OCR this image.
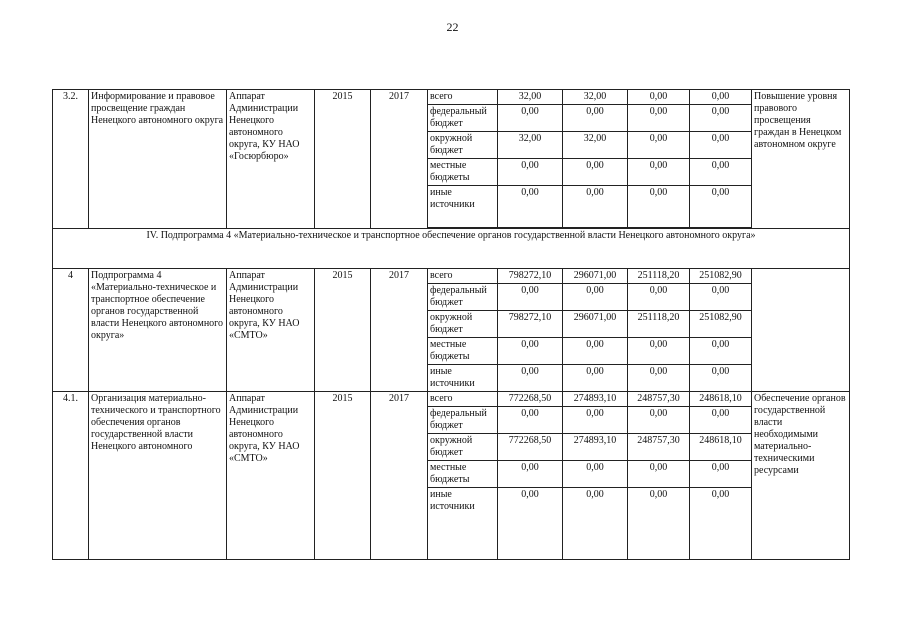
22
3.2.	Информирование и правовое просвещение граждан Ненецкого автономного округа	Аппарат Администрации Ненецкого автономного округа, КУ НАО «Госюрбюро»	2015	2017	всего	32,00	32,00	0,00	0,00	Повышение уровня правового просвещения граждан в Ненецком автономном округе
					федеральный бюджет	0,00	0,00	0,00	0,00	
					окружной бюджет	32,00	32,00	0,00	0,00	
					местные бюджеты	0,00	0,00	0,00	0,00	
					иные источники	0,00	0,00	0,00	0,00	

IV. Подпрограмма 4 «Материально-техническое и транспортное обеспечение органов государственной власти Ненецкого автономного округа»										
4	Подпрограмма 4 «Материально-техническое и транспортное обеспечение органов государственной власти Ненецкого автономного округа»	Аппарат Администрации Ненецкого автономного округа, КУ НАО «СМТО»	2015	2017	всего	798272,10	296071,00	251118,20	251082,90	
					федеральный бюджет	0,00	0,00	0,00	0,00	
					окружной бюджет	798272,10	296071,00	251118,20	251082,90	
					местные бюджеты	0,00	0,00	0,00	0,00	
					иные источники	0,00	0,00	0,00	0,00	
4.1.	Организация материально-технического и транспортного обеспечения органов государственной власти Ненецкого автономного	Аппарат Администрации Ненецкого автономного округа, КУ НАО «СМТО»	2015	2017	всего	772268,50	274893,10	248757,30	248618,10	Обеспечение органов государственной власти необходимыми материально-техническими ресурсами
					федеральный бюджет	0,00	0,00	0,00	0,00	
					окружной бюджет	772268,50	274893,10	248757,30	248618,10	
					местные бюджеты	0,00	0,00	0,00	0,00	
					иные источники	0,00	0,00	0,00	0,00	
